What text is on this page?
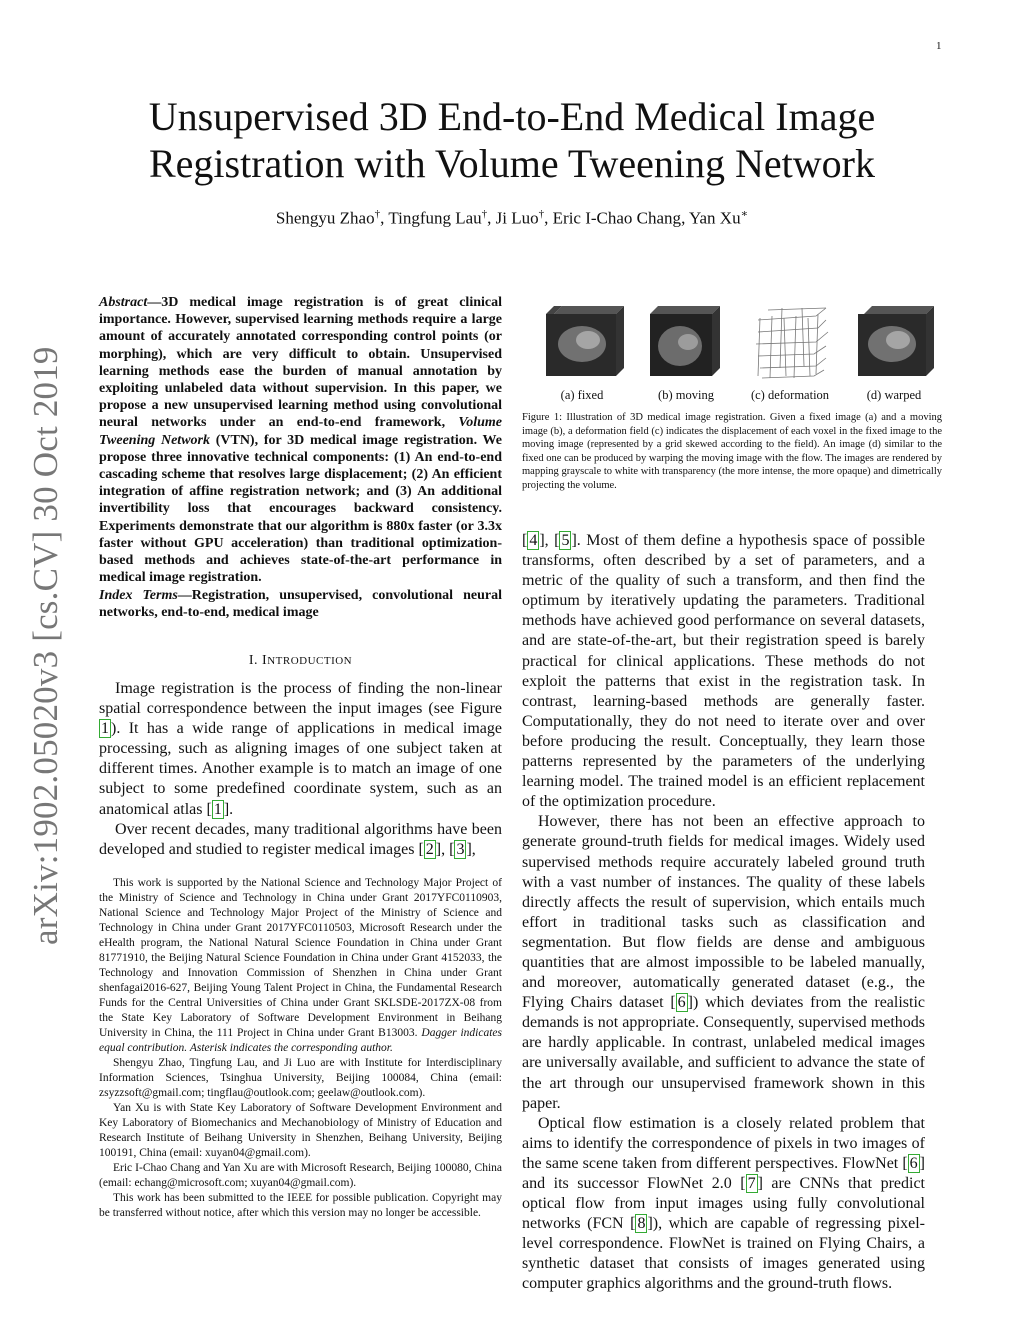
1
arXiv:1902.05020v3 [cs.CV] 30 Oct 2019
Unsupervised 3D End-to-End Medical Image
Registration with Volume Tweening Network
Shengyu Zhao†, Tingfung Lau†, Ji Luo†, Eric I-Chao Chang, Yan Xu∗
Abstract—3D medical image registration is of great clinical importance. However, supervised learning methods require a large amount of accurately annotated corresponding control points (or morphing), which are very difficult to obtain. Unsupervised learning methods ease the burden of manual annotation by exploiting unlabeled data without supervision. In this paper, we propose a new unsupervised learning method using convolutional neural networks under an end-to-end framework, Volume Tweening Network (VTN), for 3D medical image registration. We propose three innovative technical components: (1) An end-to-end cascading scheme that resolves large displacement; (2) An efficient integration of affine registration network; and (3) An additional invertibility loss that encourages backward consistency. Experiments demonstrate that our algorithm is 880x faster (or 3.3x faster without GPU acceleration) than traditional optimization-based methods and achieves state-of-the-art performance in medical image registration.
Index Terms—Registration, unsupervised, convolutional neural networks, end-to-end, medical image
I. INTRODUCTION

Image registration is the process of finding the non-linear spatial correspondence between the input images (see Figure 1 ). It has a wide range of applications in medical image processing, such as aligning images of one subject taken at different times. Another example is to match an image of one subject to some predefined coordinate system, such as an anatomical atlas [ 1 ].

Over recent decades, many traditional algorithms have been developed and studied to register medical images [ 2 ], [ 3 ],

This work is supported by the National Science and Technology Major Project of the Ministry of Science and Technology in China under Grant 2017YFC0110903, National Science and Technology Major Project of the Ministry of Science and Technology in China under Grant 2017YFC0110503, Microsoft Research under the eHealth program, the National Natural Science Foundation in China under Grant 81771910, the Beijing Natural Science Foundation in China under Grant 4152033, the Technology and Innovation Commission of Shenzhen in China under Grant shenfagai2016-627, Beijing Young Talent Project in China, the Fundamental Research Funds for the Central Universities of China under Grant SKLSDE-2017ZX-08 from the State Key Laboratory of Software Development Environment in Beihang University in China, the 111 Project in China under Grant B13003. Dagger indicates equal contribution. Asterisk indicates the corresponding author.

Shengyu Zhao, Tingfung Lau, and Ji Luo are with Institute for Interdisciplinary Information Sciences, Tsinghua University, Beijing 100084, China (email: zsyzzsoft@gmail.com; tingflau@outlook.com; geelaw@outlook.com).

Yan Xu is with State Key Laboratory of Software Development Environment and Key Laboratory of Biomechanics and Mechanobiology of Ministry of Education and Research Institute of Beihang University in Shenzhen, Beihang University, Beijing 100191, China (email: xuyan04@gmail.com).

Eric I-Chao Chang and Yan Xu are with Microsoft Research, Beijing 100080, China (email: echang@microsoft.com; xuyan04@gmail.com).

This work has been submitted to the IEEE for possible publication. Copyright may be transferred without notice, after which this version may no longer be accessible.

(a) fixed	(b) moving	(c) deformation	(d) warped
Figure 1: Illustration of 3D medical image registration. Given a fixed image (a) and a moving image (b), a deformation field (c) indicates the displacement of each voxel in the fixed image to the moving image (represented by a grid skewed according to the field). An image (d) similar to the fixed one can be produced by warping the moving image with the flow. The images are rendered by mapping grayscale to white with transparency (the more intense, the more opaque) and dimetrically projecting the volume.

[ 4 ], [ 5 ]. Most of them define a hypothesis space of possible transforms, often described by a set of parameters, and a metric of the quality of such a transform, and then find the optimum by iteratively updating the parameters. Traditional methods have achieved good performance on several datasets, and are state-of-the-art, but their registration speed is barely practical for clinical applications. These methods do not exploit the patterns that exist in the registration task. In contrast, learning-based methods are generally faster. Computationally, they do not need to iterate over and over before producing the result. Conceptually, they learn those patterns represented by the parameters of the underlying learning model. The trained model is an efficient replacement of the optimization procedure.

However, there has not been an effective approach to generate ground-truth fields for medical images. Widely used supervised methods require accurately labeled ground truth with a vast number of instances. The quality of these labels directly affects the result of supervision, which entails much effort in traditional tasks such as classification and segmentation. But flow fields are dense and ambiguous quantities that are almost impossible to be labeled manually, and moreover, automatically generated dataset (e.g., the Flying Chairs dataset [ 6 ]) which deviates from the realistic demands is not appropriate. Consequently, supervised methods are hardly applicable. In contrast, unlabeled medical images are universally available, and sufficient to advance the state of the art through our unsupervised framework shown in this paper.

Optical flow estimation is a closely related problem that aims to identify the correspondence of pixels in two images of the same scene taken from different perspectives. FlowNet [ 6 ] and its successor FlowNet 2.0 [ 7 ] are CNNs that predict optical flow from input images using fully convolutional networks (FCN [ 8 ]), which are capable of regressing pixel-level correspondence. FlowNet is trained on Flying Chairs, a synthetic dataset that consists of images generated using computer graphics algorithms and the ground-truth flows.
